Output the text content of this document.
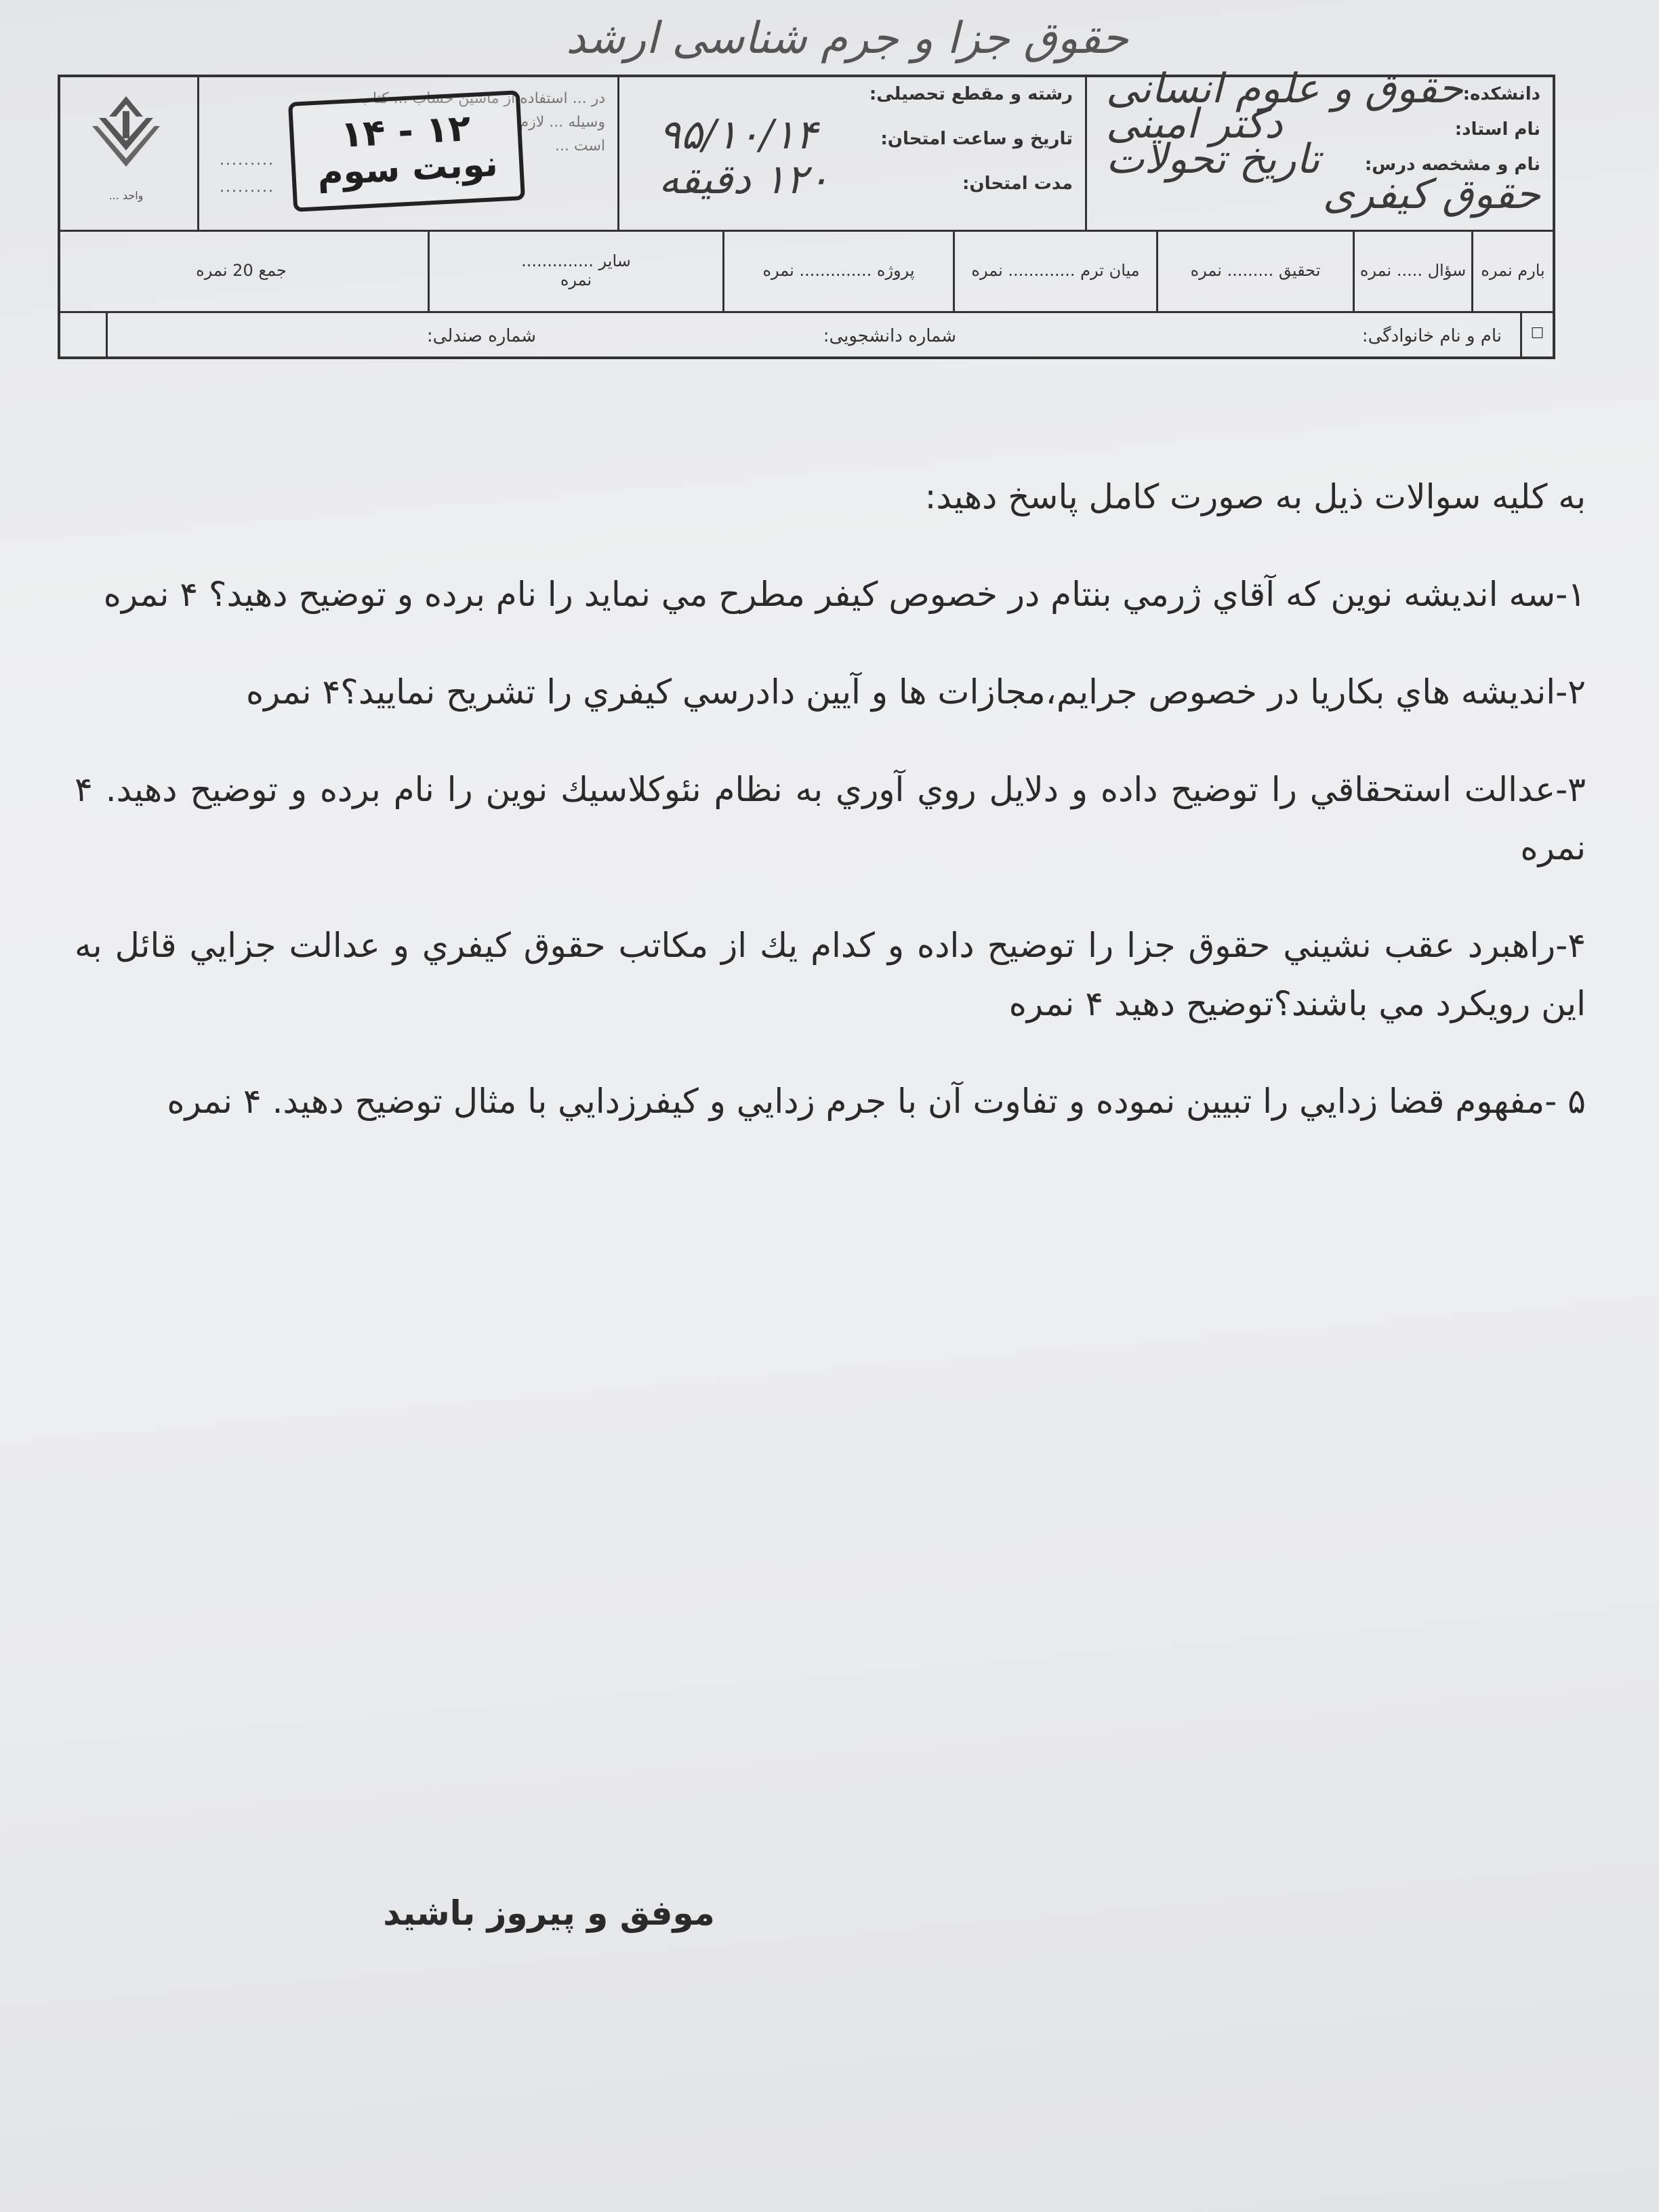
حقوق جزا و جرم شناسی ارشد
دانشکده:
حقوق و علوم انسانی
نام استاد:
دکتر امینی
نام و مشخصه درس:
تاریخ تحولات
حقوق کیفری
رشته و مقطع تحصیلی:
تاریخ و ساعت امتحان:
۹۵/۱۰/۱۴
مدت امتحان:
۱۲۰ دقیقه
در ... استفاده از ماشین حساب ... کتاب ...
وسیله ... لازم
است ...
۱۲ - ۱۴
نوبت سوم
.........
.........
واحد ...
بارم نمره
سؤال ..... نمره
تحقیق ......... نمره
میان ترم ............. نمره
پروژه .............. نمره
سایر ..............
نمره
جمع 20 نمره
☐
نام و نام خانوادگی:
شماره دانشجویی:
شماره صندلی:

به کلیه سوالات ذیل به صورت کامل پاسخ دهید:

۱-سه اندیشه نوین که آقاي ژرمي بنتام در خصوص کيفر مطرح مي نمايد را نام برده و توضيح دهيد؟ ۴ نمره

۲-انديشه هاي بكاريا در خصوص جرايم،مجازات ها و آيين دادرسي كيفري را تشريح نماييد؟۴ نمره

۳-عدالت استحقاقي را توضيح داده و دلايل روي آوري به نظام نئوكلاسيك نوين را نام برده و توضيح دهيد. ۴ نمره

۴-راهبرد عقب نشيني حقوق جزا را توضيح داده و كدام يك از مكاتب حقوق كيفري و عدالت جزايي قائل به اين رويكرد مي باشند؟توضيح دهيد ۴ نمره

۵ -مفهوم قضا زدايي را تبيين نموده و تفاوت آن با جرم زدايي و كيفرزدايي با مثال توضيح دهيد. ۴ نمره

موفق و پيروز باشيد
